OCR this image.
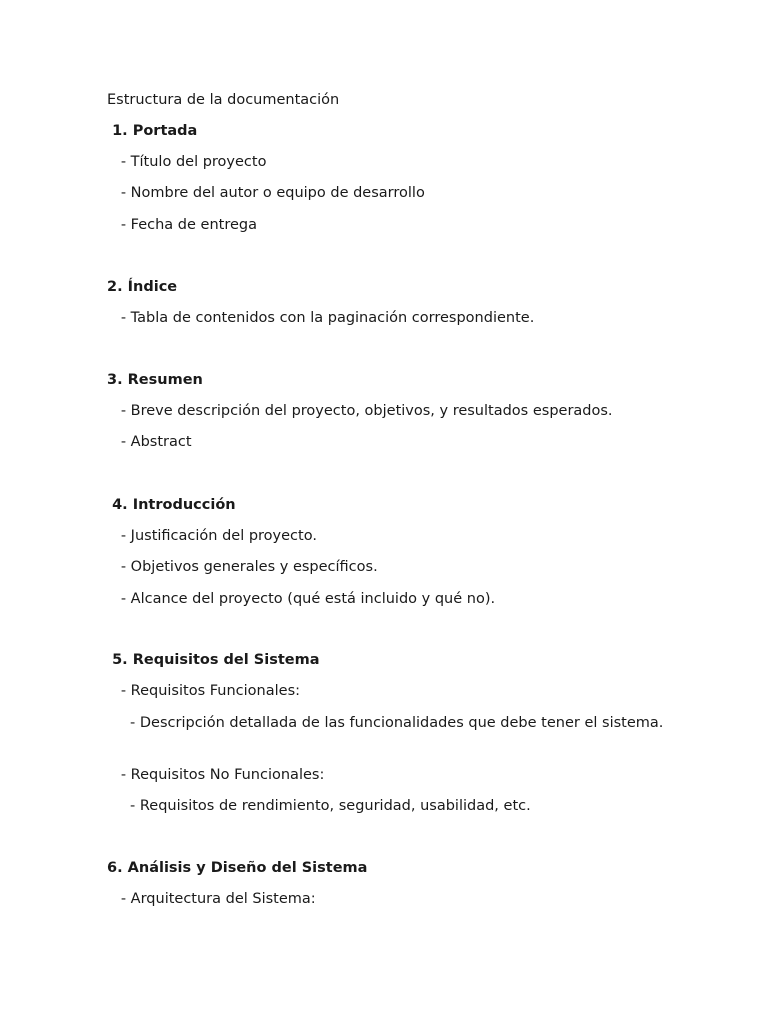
Estructura de la documentación
1. Portada
- Título del proyecto
- Nombre del autor o equipo de desarrollo
- Fecha de entrega
2. Índice
- Tabla de contenidos con la paginación correspondiente.
3. Resumen
- Breve descripción del proyecto, objetivos, y resultados esperados.
- Abstract
4. Introducción
- Justificación del proyecto.
- Objetivos generales y específicos.
- Alcance del proyecto (qué está incluido y qué no).
5. Requisitos del Sistema
- Requisitos Funcionales:
- Descripción detallada de las funcionalidades que debe tener el sistema.
- Requisitos No Funcionales:
- Requisitos de rendimiento, seguridad, usabilidad, etc.
6. Análisis y Diseño del Sistema
- Arquitectura del Sistema:
